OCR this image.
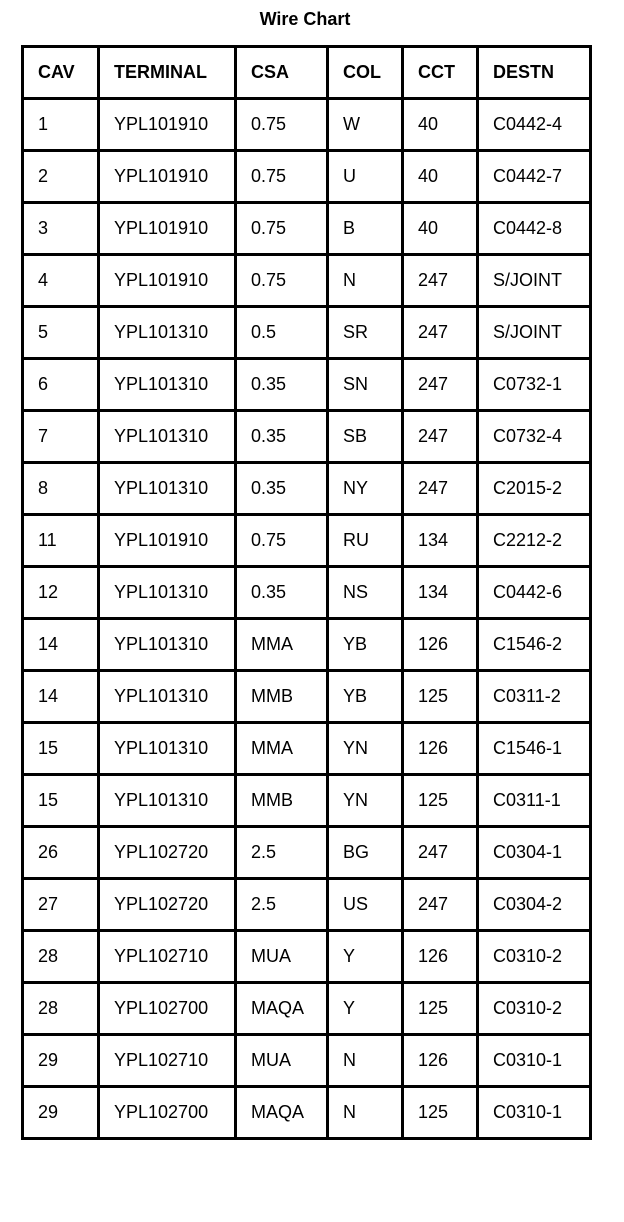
Wire Chart
CAV	TERMINAL	CSA	COL	CCT	DESTN
1	YPL101910	0.75	W	40	C0442-4
2	YPL101910	0.75	U	40	C0442-7
3	YPL101910	0.75	B	40	C0442-8
4	YPL101910	0.75	N	247	S/JOINT
5	YPL101310	0.5	SR	247	S/JOINT
6	YPL101310	0.35	SN	247	C0732-1
7	YPL101310	0.35	SB	247	C0732-4
8	YPL101310	0.35	NY	247	C2015-2
11	YPL101910	0.75	RU	134	C2212-2
12	YPL101310	0.35	NS	134	C0442-6
14	YPL101310	MMA	YB	126	C1546-2
14	YPL101310	MMB	YB	125	C0311-2
15	YPL101310	MMA	YN	126	C1546-1
15	YPL101310	MMB	YN	125	C0311-1
26	YPL102720	2.5	BG	247	C0304-1
27	YPL102720	2.5	US	247	C0304-2
28	YPL102710	MUA	Y	126	C0310-2
28	YPL102700	MAQA	Y	125	C0310-2
29	YPL102710	MUA	N	126	C0310-1
29	YPL102700	MAQA	N	125	C0310-1
